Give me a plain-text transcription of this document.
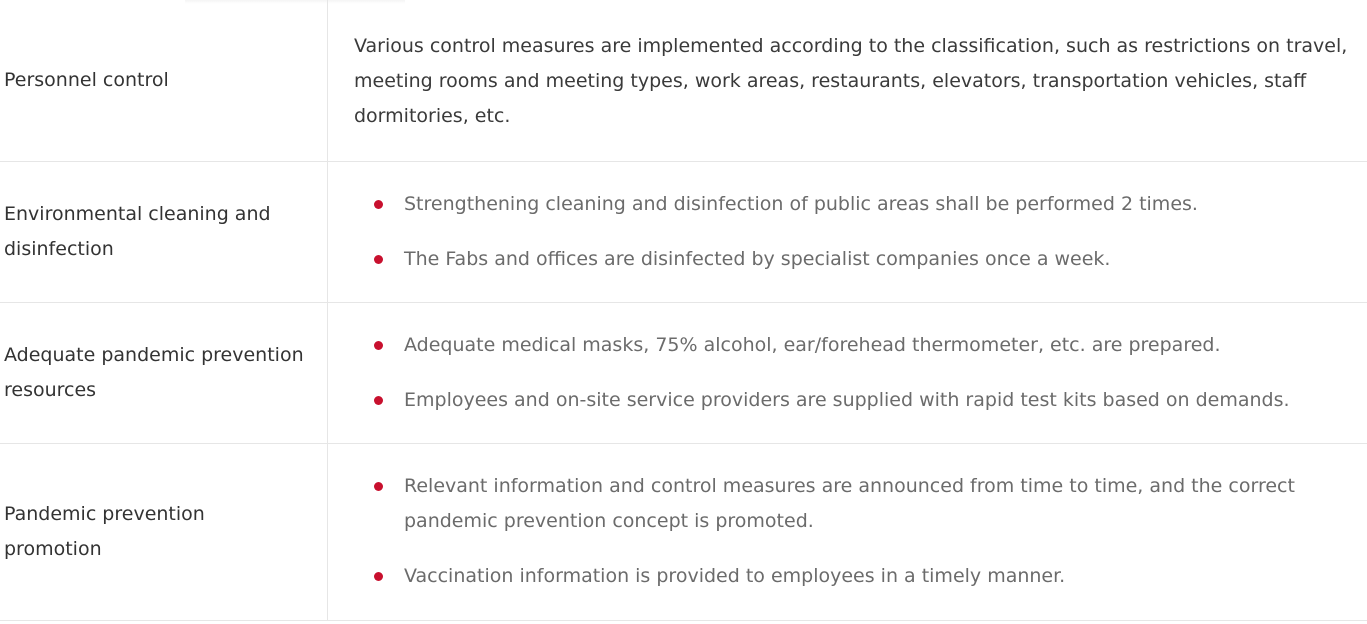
Personnel control
Various control measures are implemented according to the classification, such as restrictions on travel, meeting rooms and meeting types, work areas, restaurants, elevators, transportation vehicles, staff dormitories, etc.
Environmental cleaning and disinfection
Strengthening cleaning and disinfection of public areas shall be performed 2 times.
The Fabs and offices are disinfected by specialist companies once a week.
Adequate pandemic prevention resources
Adequate medical masks, 75% alcohol, ear/forehead thermometer, etc. are prepared.
Employees and on-site service providers are supplied with rapid test kits based on demands.
Pandemic prevention promotion
Relevant information and control measures are announced from time to time, and the correct pandemic prevention concept is promoted.
Vaccination information is provided to employees in a timely manner.
